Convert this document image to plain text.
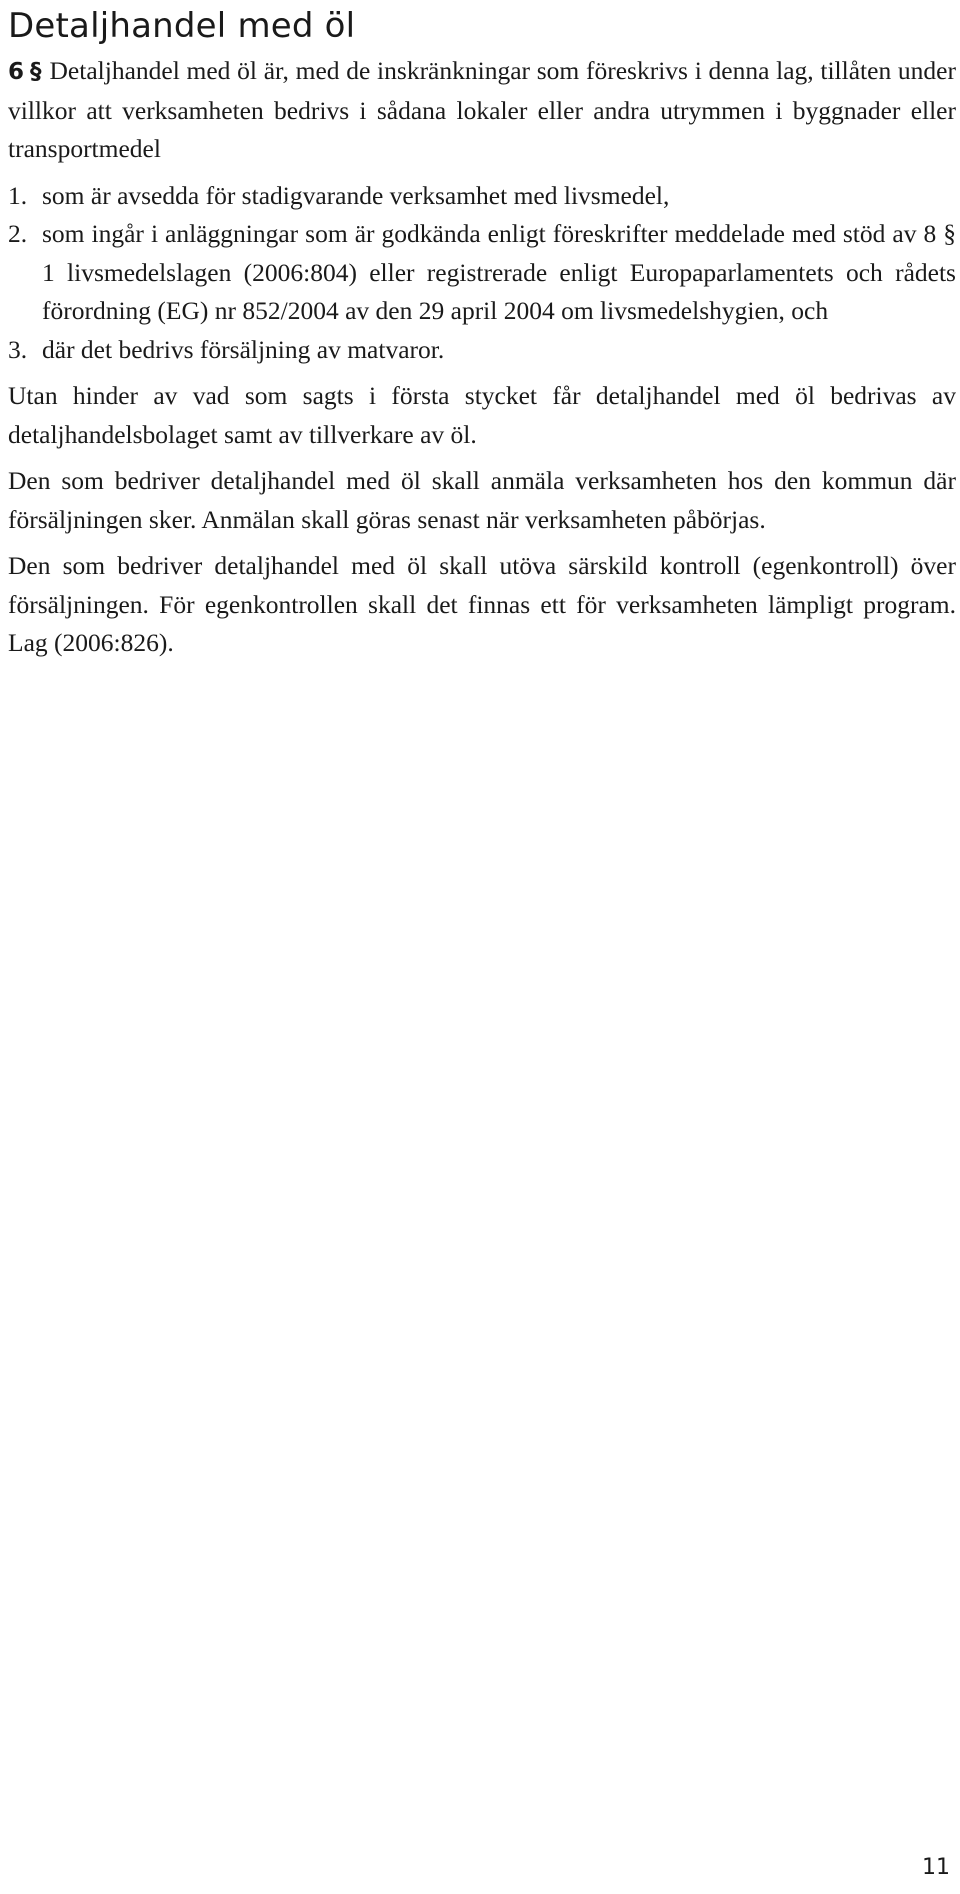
Detaljhandel med öl

6 § Detaljhandel med öl är, med de inskränkningar som föreskrivs i denna lag, tillåten under villkor att verksamheten bedrivs i sådana lokaler eller andra utrymmen i byggnader eller transportmedel

1. som är avsedda för stadigvarande verksamhet med livsmedel,
2. som ingår i anläggningar som är godkända enligt föreskrifter meddelade med stöd av 8 § 1 livsmedelslagen (2006:804) eller registrerade enligt Europaparlamentets och rådets förordning (EG) nr 852/2004 av den 29 april 2004 om livsmedelshygien, och
3. där det bedrivs försäljning av matvaror.

Utan hinder av vad som sagts i första stycket får detaljhandel med öl bedrivas av detaljhandelsbolaget samt av tillverkare av öl.

Den som bedriver detaljhandel med öl skall anmäla verksamheten hos den kommun där försäljningen sker. Anmälan skall göras senast när verksamheten påbörjas.

Den som bedriver detaljhandel med öl skall utöva särskild kontroll (egenkontroll) över försäljningen. För egenkontrollen skall det finnas ett för verksamheten lämpligt program. Lag (2006:826).

11
